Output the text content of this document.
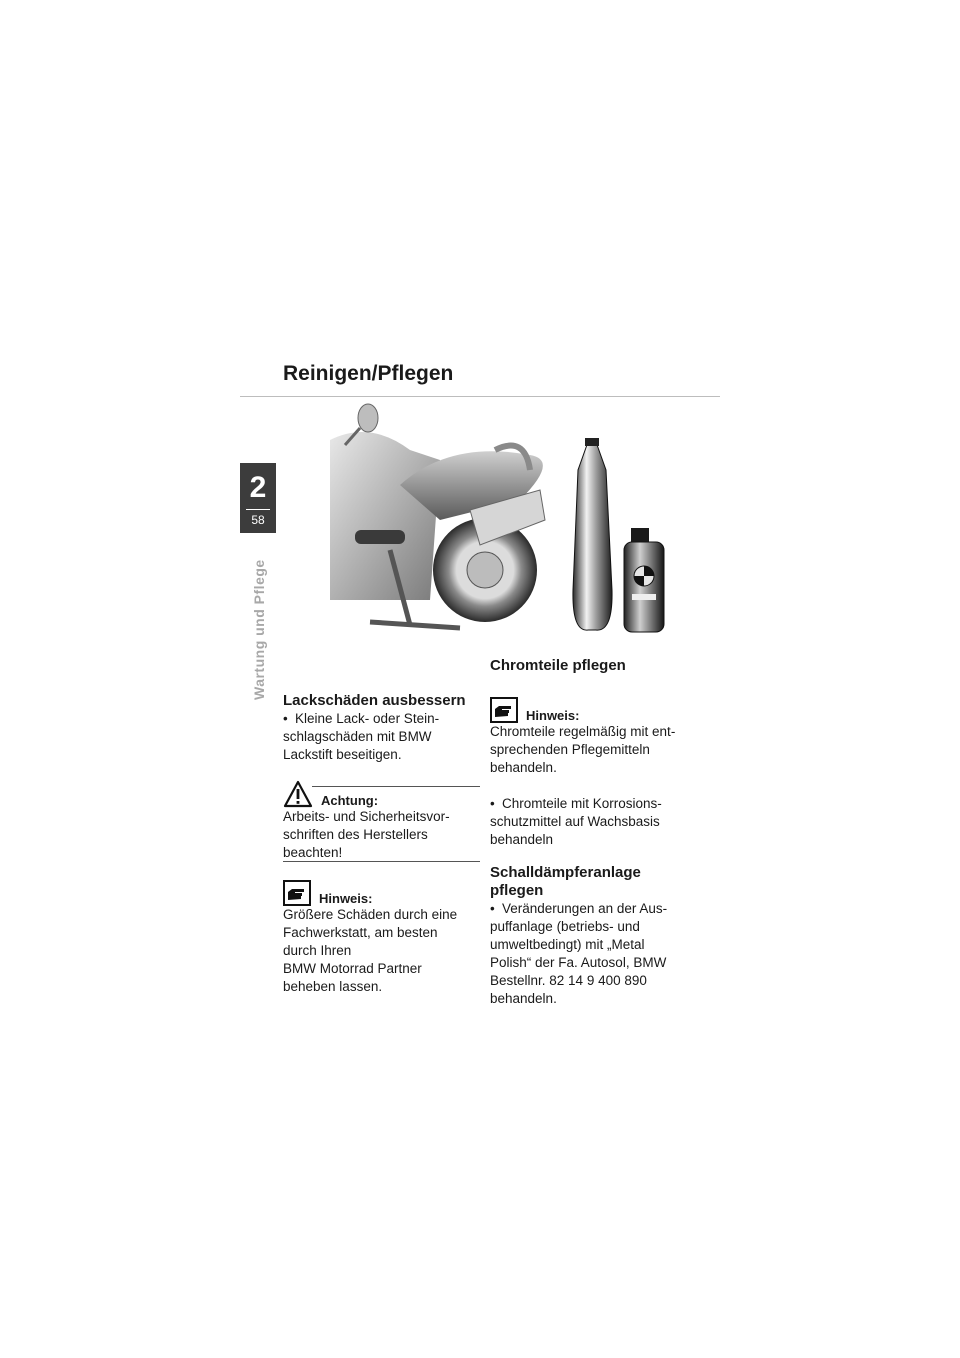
Reinigen/Pflegen
2
58
Wartung und Pflege
Lackschäden ausbessern

• Kleine Lack- oder Stein-
schlagschäden mit BMW
Lackstift beseitigen.

Achtung:

Arbeits- und Sicherheitsvor-
schriften des Herstellers
beachten!

Hinweis:

Größere Schäden durch eine
Fachwerkstatt, am besten
durch Ihren
BMW Motorrad Partner
beheben lassen.

Chromteile pflegen
Hinweis:

Chromteile regelmäßig mit ent-
sprechenden Pflegemitteln
behandeln.

• Chromteile mit Korrosions-
schutzmittel auf Wachsbasis
behandeln

Schalldämpferanlage
pflegen

• Veränderungen an der Aus-
puffanlage (betriebs- und
umweltbedingt) mit „Metal
Polish“ der Fa. Autosol, BMW
Bestellnr. 82 14 9 400 890
behandeln.
